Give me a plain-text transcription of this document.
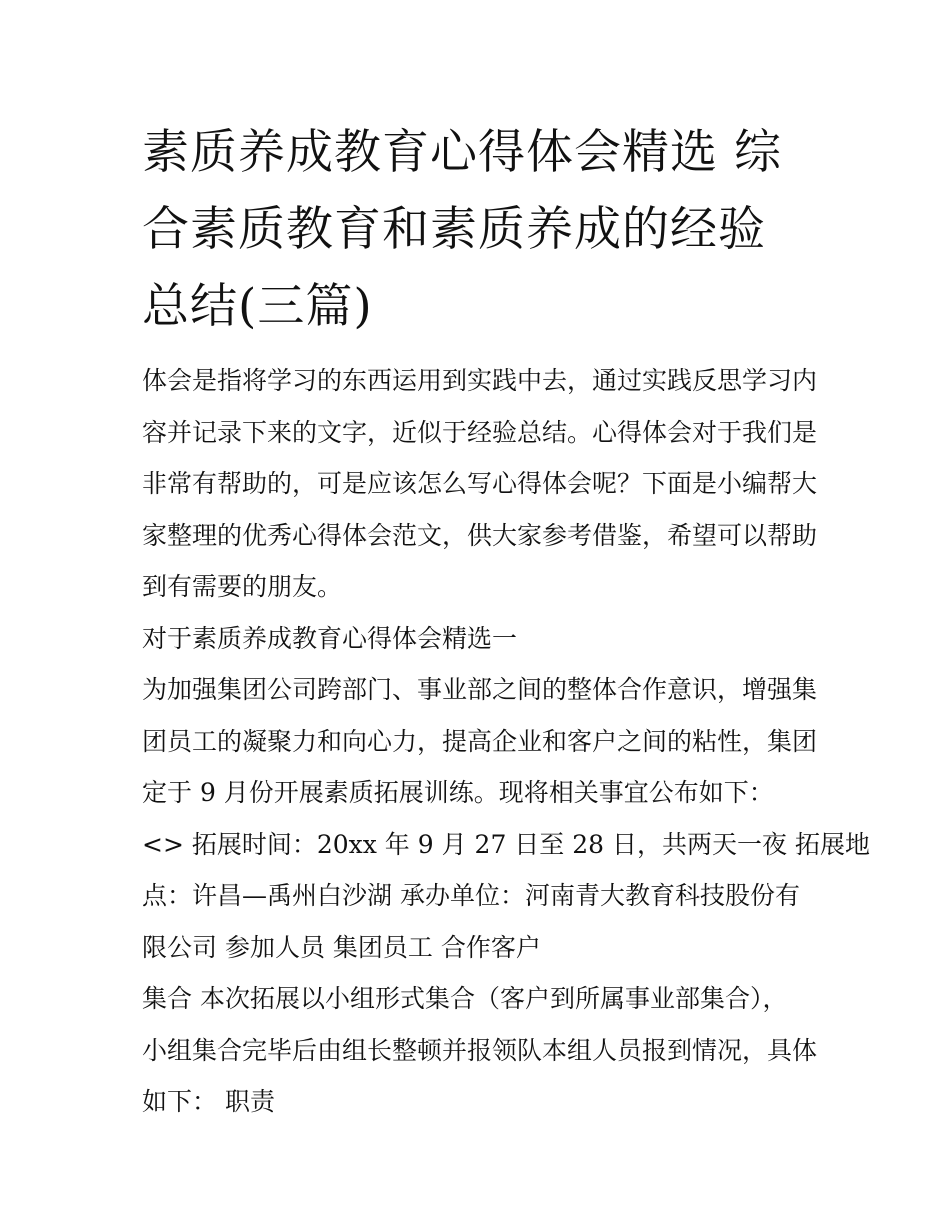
素质养成教育心得体会精选 综
合素质教育和素质养成的经验
总结(三篇)

体会是指将学习的东西运用到实践中去，通过实践反思学习内

容并记录下来的文字，近似于经验总结。心得体会对于我们是

非常有帮助的，可是应该怎么写心得体会呢？下面是小编帮大

家整理的优秀心得体会范文，供大家参考借鉴，希望可以帮助

到有需要的朋友。

对于素质养成教育心得体会精选一

为加强集团公司跨部门、事业部之间的整体合作意识，增强集

团员工的凝聚力和向心力，提高企业和客户之间的粘性，集团

定于 9 月份开展素质拓展训练。现将相关事宜公布如下：

<> 拓展时间：20xx 年 9 月 27 日至 28 日，共两天一夜 拓展地

点：许昌—禹州白沙湖 承办单位：河南青大教育科技股份有

限公司 参加人员 集团员工 合作客户

集合 本次拓展以小组形式集合（客户到所属事业部集合），

小组集合完毕后由组长整顿并报领队本组人员报到情况，具体

如下： 职责
